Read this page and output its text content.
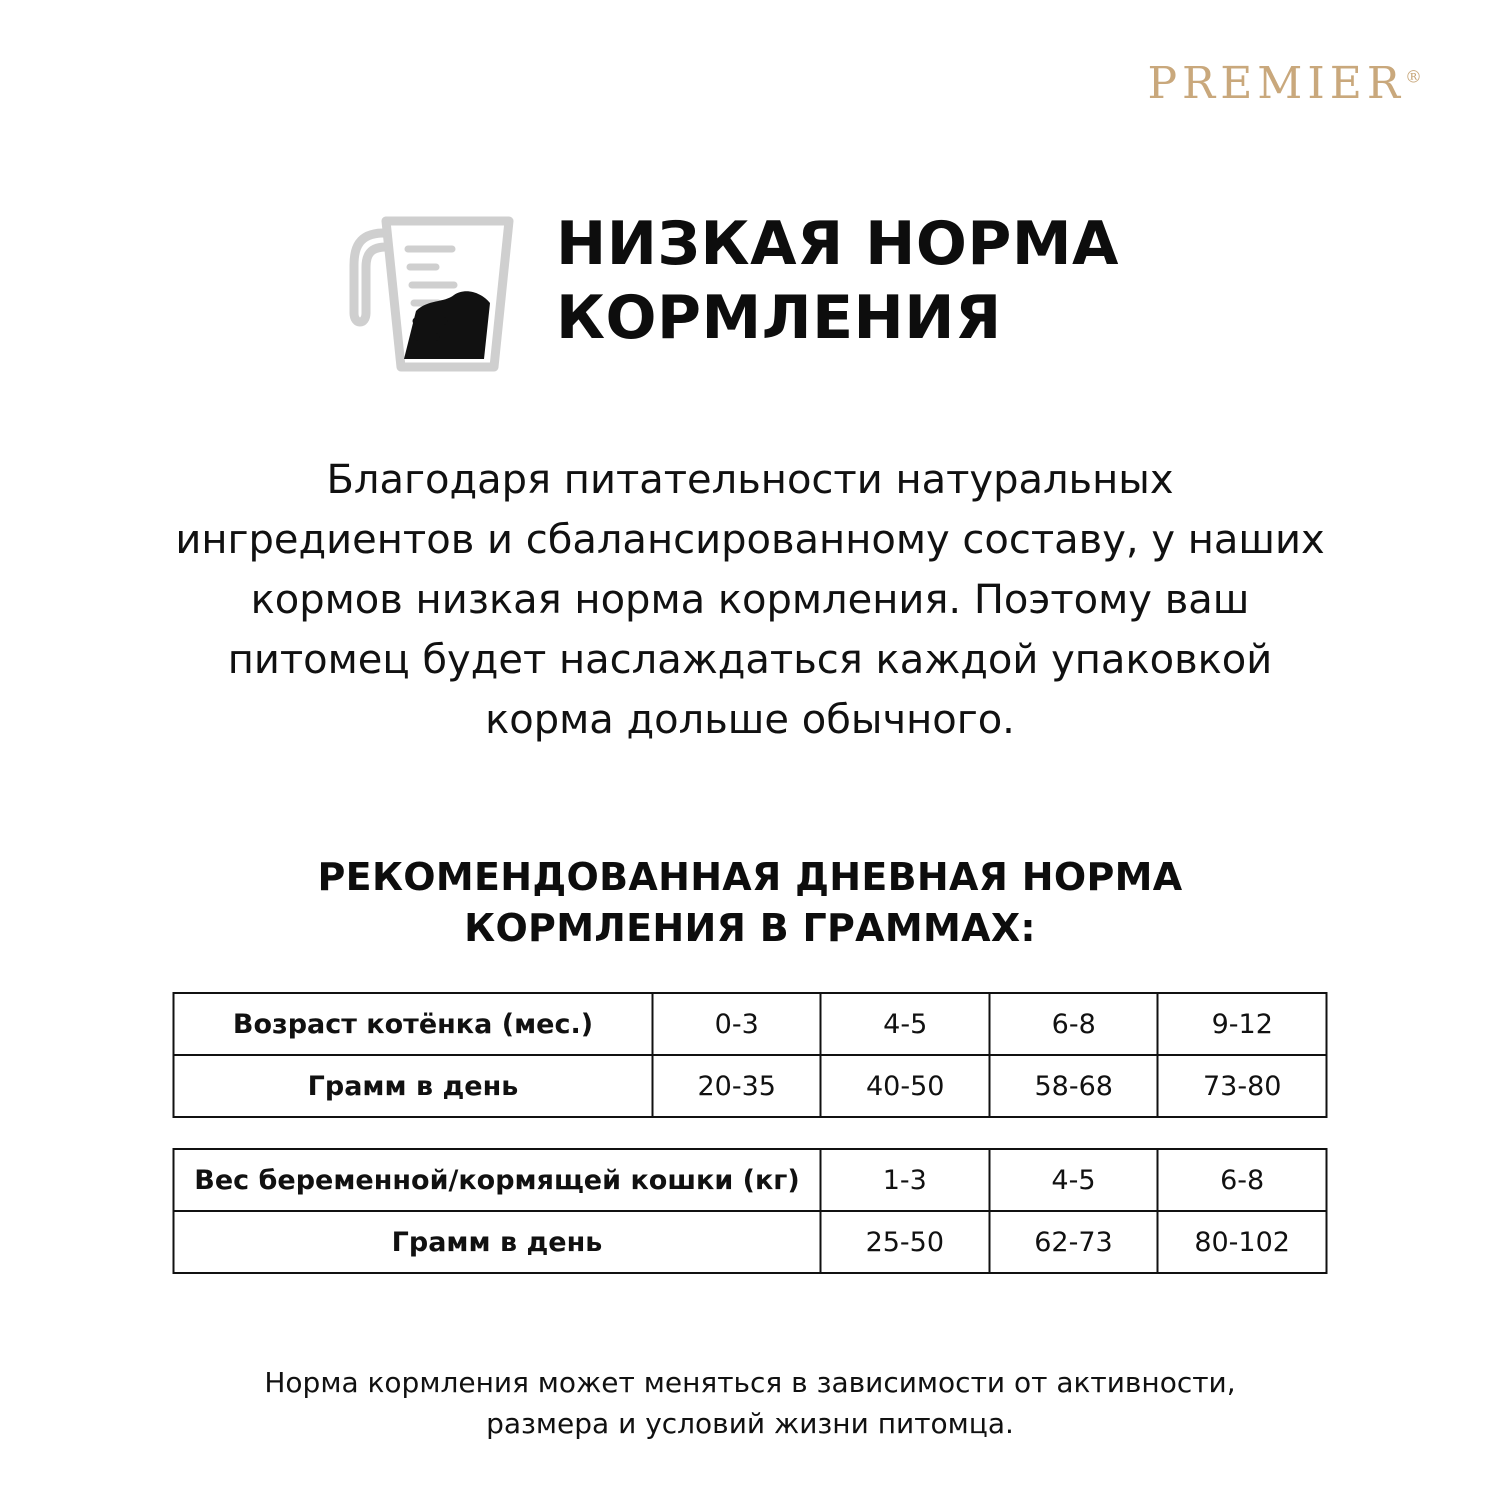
PREMIER®
НИЗКАЯ НОРМА КОРМЛЕНИЯ

Благодаря питательности натуральных ингредиентов и сбалансированному составу, у наших кормов низкая норма кормления. Поэтому ваш питомец будет наслаждаться каждой упаковкой корма дольше обычного.

РЕКОМЕНДОВАННАЯ ДНЕВНАЯ НОРМА КОРМЛЕНИЯ В ГРАММАХ:
Возраст котёнка (мес.)	0-3	4-5	6-8	9-12
Грамм в день	20-35	40-50	58-68	73-80
Вес беременной/кормящей кошки (кг)	1-3	4-5	6-8
Грамм в день	25-50	62-73	80-102

Норма кормления может меняться в зависимости от активности, размера и условий жизни питомца.
